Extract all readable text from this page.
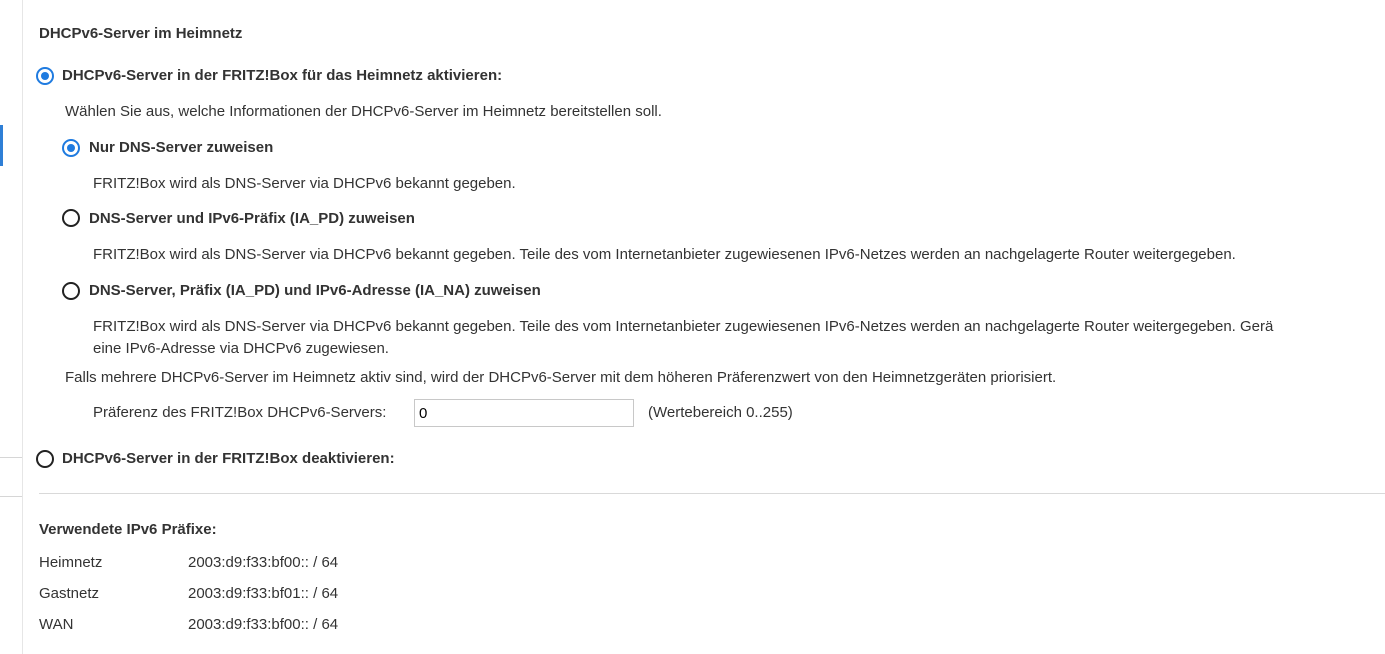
DHCPv6-Server im Heimnetz
DHCPv6-Server in der FRITZ!Box für das Heimnetz aktivieren:
Wählen Sie aus, welche Informationen der DHCPv6-Server im Heimnetz bereitstellen soll.
Nur DNS-Server zuweisen
FRITZ!Box wird als DNS-Server via DHCPv6 bekannt gegeben.
DNS-Server und IPv6-Präfix (IA_PD) zuweisen
FRITZ!Box wird als DNS-Server via DHCPv6 bekannt gegeben. Teile des vom Internetanbieter zugewiesenen IPv6-Netzes werden an nachgelagerte Router weitergegeben.
DNS-Server, Präfix (IA_PD) und IPv6-Adresse (IA_NA) zuweisen
FRITZ!Box wird als DNS-Server via DHCPv6 bekannt gegeben. Teile des vom Internetanbieter zugewiesenen IPv6-Netzes werden an nachgelagerte Router weitergegeben. Gerä
eine IPv6-Adresse via DHCPv6 zugewiesen.
Falls mehrere DHCPv6-Server im Heimnetz aktiv sind, wird der DHCPv6-Server mit dem höheren Präferenzwert von den Heimnetzgeräten priorisiert.
Präferenz des FRITZ!Box DHCPv6-Servers:
0	(Wertebereich 0..255)
DHCPv6-Server in der FRITZ!Box deaktivieren:
Verwendete IPv6 Präfixe:
Heimnetz	2003:d9:f33:bf00:: / 64
Gastnetz	2003:d9:f33:bf01:: / 64
WAN	2003:d9:f33:bf00:: / 64
